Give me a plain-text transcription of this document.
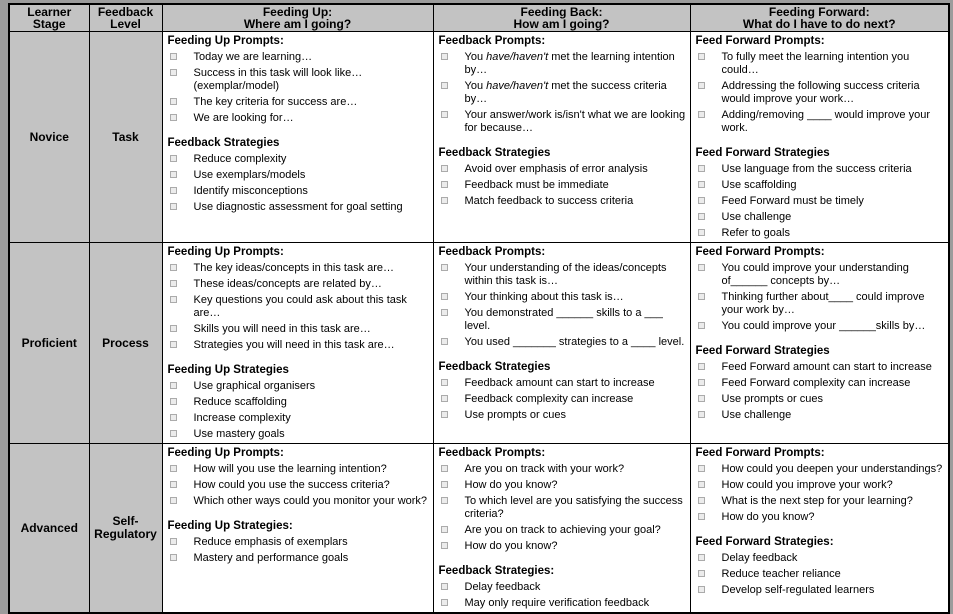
Learner
Stage

Feedback
Level

Feeding Up:
Where am I going?

Feeding Back:
How am I going?

Feeding Forward:
What do I have to do next?

Novice	Task	
Feeding Up Prompts:
Today we are learning…
Success in this task will look like…(exemplar/model)
The key criteria for success are…
We are looking for…
Feedback Strategies
Reduce complexity
Use exemplars/models
Identify misconceptions
Use diagnostic assessment for goal setting

Feedback Prompts:
You have/haven't met the learning intention by…
You have/haven't met the success criteria by…
Your answer/work is/isn't what we are looking for because…
Feedback Strategies
Avoid over emphasis of error analysis
Feedback must be immediate
Match feedback to success criteria

Feed Forward Prompts:
To fully meet the learning intention you could…
Addressing the following success criteria would improve your work…
Adding/removing ____ would improve your work.
Feed Forward Strategies
Use language from the success criteria
Use scaffolding
Feed Forward must be timely
Use challenge
Refer to goals

Proficient	Process	
Feeding Up Prompts:
The key ideas/concepts in this task are…
These ideas/concepts are related by…
Key questions you could ask about this task are…
Skills you will need in this task are…
Strategies you will need in this task are…
Feeding Up Strategies
Use graphical organisers
Reduce scaffolding
Increase complexity
Use mastery goals

Feedback Prompts:
Your understanding of the ideas/concepts within this task is…
Your thinking about this task is…
You demonstrated ______ skills to a ___ level.
You used _______ strategies to a ____ level.
Feedback Strategies
Feedback amount can start to increase
Feedback complexity can increase
Use prompts or cues

Feed Forward Prompts:
You could improve your understanding of______ concepts by…
Thinking further about____ could improve your work by…
You could improve your ______skills by…
Feed Forward Strategies
Feed Forward amount can start to increase
Feed Forward complexity can increase
Use prompts or cues
Use challenge

Advanced	Self-Regulatory	
Feeding Up Prompts:
How will you use the learning intention?
How could you use the success criteria?
Which other ways could you monitor your work?
Feeding Up Strategies:
Reduce emphasis of exemplars
Mastery and performance goals

Feedback Prompts:
Are you on track with your work?
How do you know?
To which level are you satisfying the success criteria?
Are you on track to achieving your goal?
How do you know?
Feedback Strategies:
Delay feedback
May only require verification feedback

Feed Forward Prompts:
How could you deepen your understandings?
How could you improve your work?
What is the next step for your learning?
How do you know?
Feed Forward Strategies:
Delay feedback
Reduce teacher reliance
Develop self-regulated learners
